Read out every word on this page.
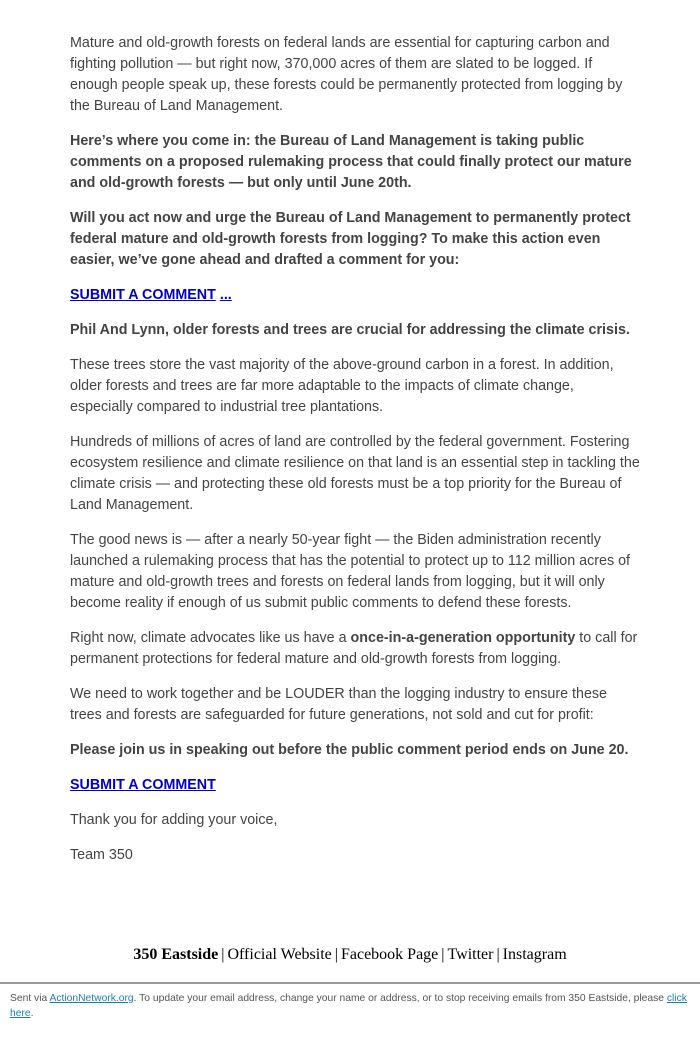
Mature and old-growth forests on federal lands are essential for capturing carbon and fighting pollution — but right now, 370,000 acres of them are slated to be logged. If enough people speak up, these forests could be permanently protected from logging by the Bureau of Land Management.

Here’s where you come in: the Bureau of Land Management is taking public comments on a proposed rulemaking process that could finally protect our mature and old-growth forests — but only until June 20th.

Will you act now and urge the Bureau of Land Management to permanently protect federal mature and old-growth forests from logging? To make this action even easier, we’ve gone ahead and drafted a comment for you:

SUBMIT A COMMENT ...

Phil And Lynn, older forests and trees are crucial for addressing the climate crisis.

These trees store the vast majority of the above-ground carbon in a forest. In addition, older forests and trees are far more adaptable to the impacts of climate change, especially compared to industrial tree plantations.

Hundreds of millions of acres of land are controlled by the federal government. Fostering ecosystem resilience and climate resilience on that land is an essential step in tackling the climate crisis — and protecting these old forests must be a top priority for the Bureau of Land Management.

The good news is — after a nearly 50-year fight — the Biden administration recently launched a rulemaking process that has the potential to protect up to 112 million acres of mature and old-growth trees and forests on federal lands from logging, but it will only become reality if enough of us submit public comments to defend these forests.

Right now, climate advocates like us have a once-in-a-generation opportunity to call for permanent protections for federal mature and old-growth forests from logging.

We need to work together and be LOUDER than the logging industry to ensure these trees and forests are safeguarded for future generations, not sold and cut for profit:

Please join us in speaking out before the public comment period ends on June 20.

SUBMIT A COMMENT

Thank you for adding your voice,

Team 350

350 Eastside | Official Website | Facebook Page | Twitter | Instagram
Sent via ActionNetwork.org. To update your email address, change your name or address, or to stop receiving emails from 350 Eastside, please click here.
